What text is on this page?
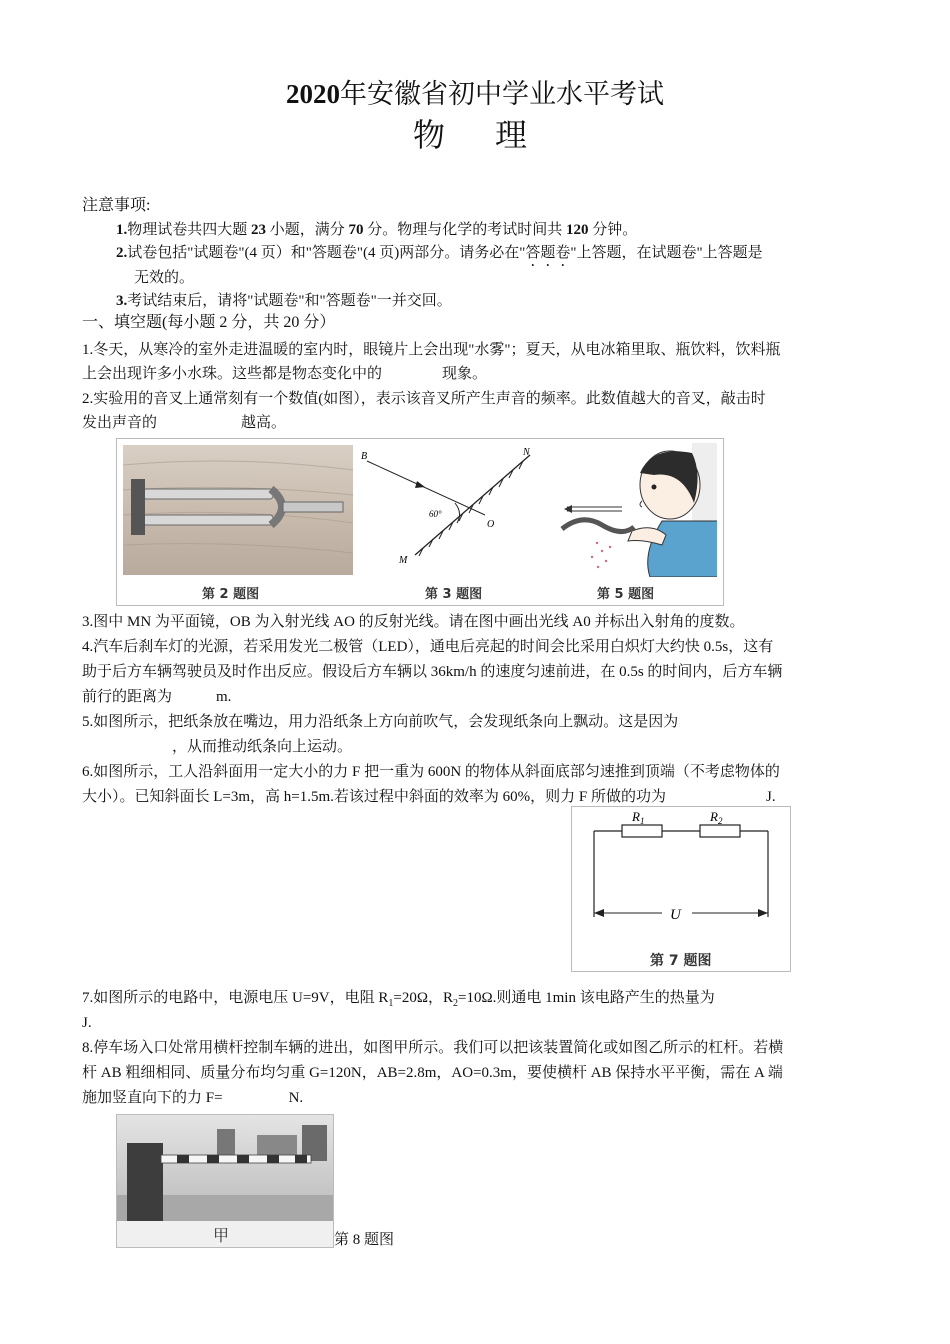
2020年安徽省初中学业水平考试
物理
注意事项:
1.物理试卷共四大题 23 小题，满分 70 分。物理与化学的考试时间共 120 分钟。
2.试卷包括"试题卷"(4 页）和"答题卷"(4 页)两部分。请务必在"答题卷"上答题，在试题卷"上答题是
无效的。
3.考试结束后，请将"试题卷"和"答题卷"一并交回。
一、填空题(每小题 2 分，共 20 分）
1.冬天，从寒冷的室外走进温暖的室内时，眼镜片上会出现"水雾"；夏天，从电冰箱里取、瓶饮料，饮料瓶
上会出现许多小水珠。这些都是物态变化中的	现象。
2.实验用的音叉上通常刻有一个数值(如图），表示该音叉所产生声音的频率。此数值越大的音叉，敲击时
发出声音的	越高。
第 2 题图
B	N
M
O
60°
第 3 题图	第 5 题图
3.图中 MN 为平面镜，OB 为入射光线 AO 的反射光线。请在图中画出光线 A0 并标出入射角的度数。
4.汽车后刹车灯的光源，若采用发光二极管（LED），通电后亮起的时间会比采用白炽灯大约快 0.5s，这有
助于后方车辆驾驶员及时作出反应。假设后方车辆以 36km/h 的速度匀速前进，在 0.5s 的时间内，后方车辆
前行的距离为	m.
5.如图所示，把纸条放在嘴边，用力沿纸条上方向前吹气，会发现纸条向上飘动。这是因为
，从而推动纸条向上运动。
6.如图所示，工人沿斜面用一定大小的力 F 把一重为 600N 的物体从斜面底部匀速推到顶端（不考虑物体的
大小）。已知斜面长 L=3m，高 h=1.5m.若该过程中斜面的效率为 60%，则力 F 所做的功为	J.
$R_1$	$R_2$
U
第 7 题图
7.如图所示的电路中，电源电压 U=9V，电阻 $R_1=20\Omega$，$R_2=10\Omega$.则通电 1min 该电路产生的热量为
J.
8.停车场入口处常用横杆控制车辆的进出，如图甲所示。我们可以把该装置简化或如图乙所示的杠杆。若横
杆 AB 粗细相同、质量分布均匀重 G=120N，AB=2.8m，AO=0.3m，要使横杆 AB 保持水平平衡，需在 A 端
施加竖直向下的力 F=	N.
甲	第 8 题图
